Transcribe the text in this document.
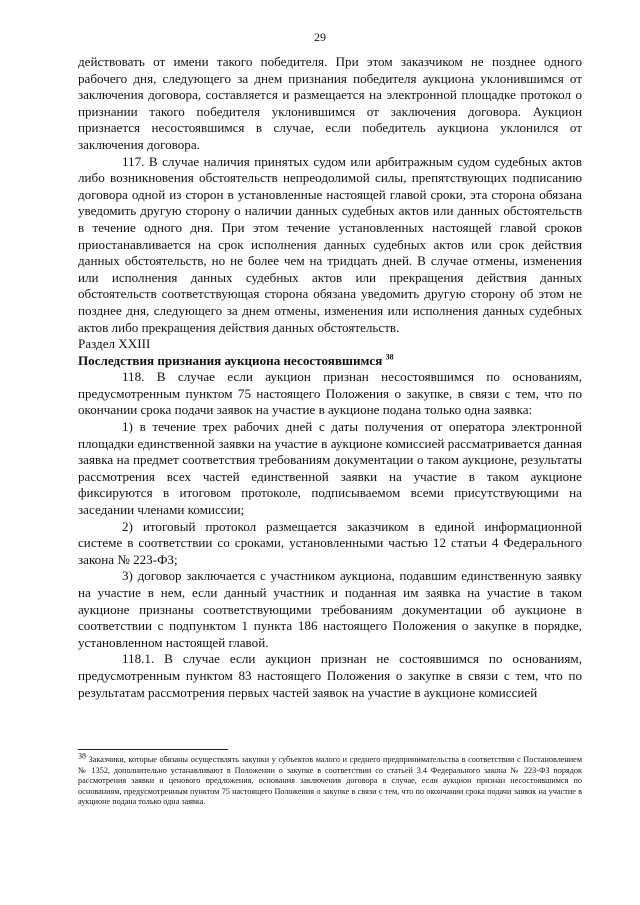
29

действовать от имени такого победителя. При этом заказчиком не позднее одного рабочего дня, следующего за днем признания победителя аукциона уклонившимся от заключения договора, составляется и размещается на электронной площадке протокол о признании такого победителя уклонившимся от заключения договора. Аукцион признается несостоявшимся в случае, если победитель аукциона уклонился от заключения договора.

117. В случае наличия принятых судом или арбитражным судом судебных актов либо возникновения обстоятельств непреодолимой силы, препятствующих подписанию договора одной из сторон в установленные настоящей главой сроки, эта сторона обязана уведомить другую сторону о наличии данных судебных актов или данных обстоятельств в течение одного дня. При этом течение установленных настоящей главой сроков приостанавливается на срок исполнения данных судебных актов или срок действия данных обстоятельств, но не более чем на тридцать дней. В случае отмены, изменения или исполнения данных судебных актов или прекращения действия данных обстоятельств соответствующая сторона обязана уведомить другую сторону об этом не позднее дня, следующего за днем отмены, изменения или исполнения данных судебных актов либо прекращения действия данных обстоятельств.

Раздел XXIII

Последствия признания аукциона несостоявшимся $^{38}$

118. В случае если аукцион признан несостоявшимся по основаниям, предусмотренным пунктом 75 настоящего Положения о закупке, в связи с тем, что по окончании срока подачи заявок на участие в аукционе подана только одна заявка:

1) в течение трех рабочих дней с даты получения от оператора электронной площадки единственной заявки на участие в аукционе комиссией рассматривается данная заявка на предмет соответствия требованиям документации о таком аукционе, результаты рассмотрения всех частей единственной заявки на участие в таком аукционе фиксируются в итоговом протоколе, подписываемом всеми присутствующими на заседании членами комиссии;

2) итоговый протокол размещается заказчиком в единой информационной системе в соответствии со сроками, установленными частью 12 статьи 4 Федерального закона № 223-ФЗ;

3) договор заключается с участником аукциона, подавшим единственную заявку на участие в нем, если данный участник и поданная им заявка на участие в таком аукционе признаны соответствующими требованиям документации об аукционе в соответствии с подпунктом 1 пункта 186 настоящего Положения о закупке в порядке, установленном настоящей главой.

118.1. В случае если аукцион признан не состоявшимся по основаниям, предусмотренным пунктом 83 настоящего Положения о закупке в связи с тем, что по результатам рассмотрения первых частей заявок на участие в аукционе комиссией

$^{38}$ Заказчики, которые обязаны осуществлять закупки у субъектов малого и среднего предпринимательства в соответствии с Постановлением № 1352, дополнительно устанавливают в Положении о закупке в соответствии со статьей 3.4 Федерального закона № 223-ФЗ порядок рассмотрения заявки и ценового предложения, основания заключения договора в случае, если аукцион признан несостоявшимся по основаниям, предусмотренным пунктом 75 настоящего Положения о закупке в связи с тем, что по окончании срока подачи заявок на участие в аукционе подана только одна заявка.
